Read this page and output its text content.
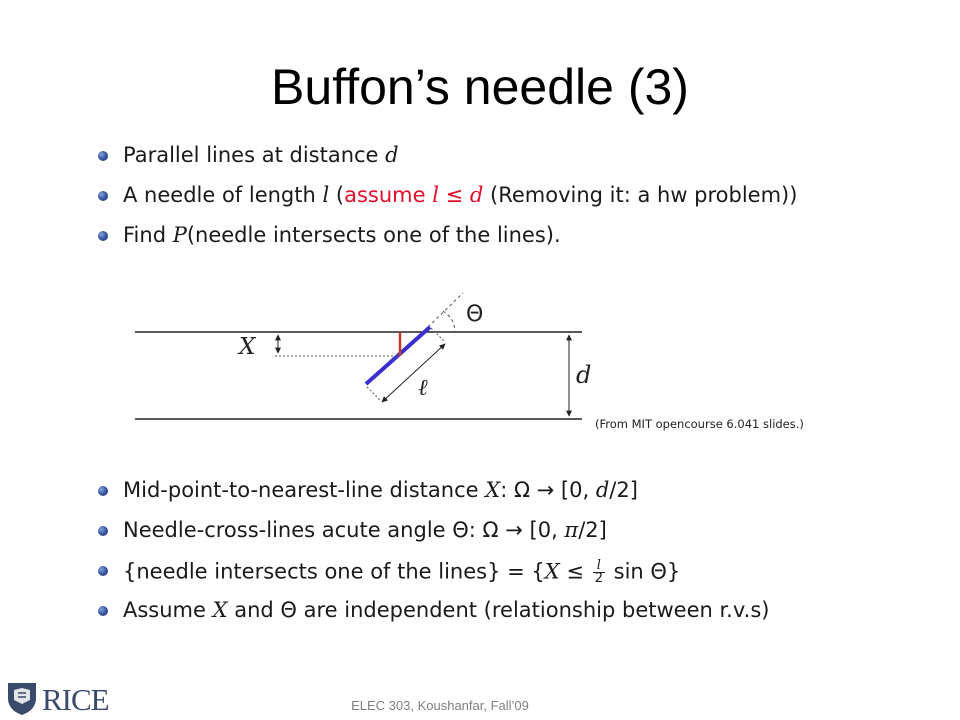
Buffon’s needle (3)
Parallel lines at distance d
A needle of length l (assume l ≤ d (Removing it: a hw problem))
Find P(needle intersects one of the lines).
X
Θ
ℓ	d
(From MIT opencourse 6.041 slides.)
Mid-point-to-nearest-line distance X: Ω → [0, d/2]
Needle-cross-lines acute angle Θ: Ω → [0, π/2]
{needle intersects one of the lines} = {$X \le \frac{l}{2}$ sin Θ}
Assume X and Θ are independent (relationship between r.v.s)
RICE	ELEC 303, Koushanfar, Fall’09
